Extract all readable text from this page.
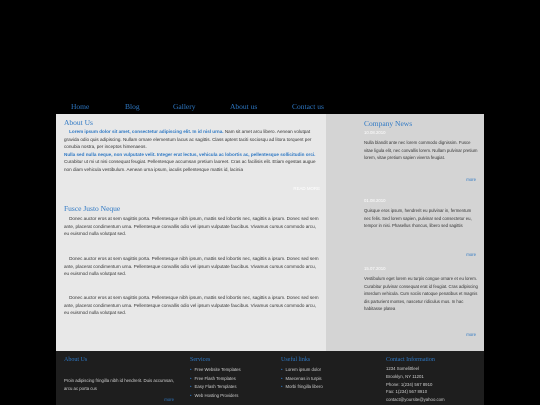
Home	Blog	Gallery	About us	Contact us
About Us
Lorem ipsum dolor sit amet, consectetur adipiscing elit. In id nisl urna. Nam sit amet arcu libero. Aenean volutpat gravida odio quis adipiscing. Nullam ornare elementum lacus ac sagittis. Class aptent taciti sociosqu ad litora torquent per conubia nostra, per inceptos himenaeos.
Nulla sed nulla neque, non vulputate velit. Integer erat lectus, vehicula ac lobortis ac, pellentesque sollicitudin orci. Curabitur ut mi ut nisi consequat feugiat. Pellentesque accumsan pretium laoreet. Cras ac facilisis elit. Etiam egestas augue non diam vehicula vestibulum. Aenean urna ipsum, iaculis pellentesque mattis id, lacinia
READ MORE
Fusce Justo Neque
Donec auctor eros at sem sagittis porta. Pellentesque nibh ipsum, mattis sed lobortis nec, sagittis a ipsum. Donec sed sem ante, placerat condimentum urna. Pellentesque convallis odio vel ipsum vulputate faucibus. Vivamus cursus commodo arcu, eu euismod nulla volutpat sed.
Donec auctor eros at sem sagittis porta. Pellentesque nibh ipsum, mattis sed lobortis nec, sagittis a ipsum. Donec sed sem ante, placerat condimentum urna. Pellentesque convallis odio vel ipsum vulputate faucibus. Vivamus cursus commodo arcu, eu euismod nulla volutpat sed.
Donec auctor eros at sem sagittis porta. Pellentesque nibh ipsum, mattis sed lobortis nec, sagittis a ipsum. Donec sed sem ante, placerat condimentum urna. Pellentesque convallis odio vel ipsum vulputate faucibus. Vivamus cursus commodo arcu, eu euismod nulla volutpat sed.
Company News
10.08.2010
Nulla blandit ante nec lorem commodo dignissim. Fusce vitae ligula elit, nec convallis lorem. Nullam pulvinar pretium lorem, vitae pretium sapien viverra feugiat.
more
01.08.2010
Quisque eros ipsum, hendrerit eu pulvinar in, fermentum nec felis. Sed lorem sapien, pulvinar sed consectetur eu, tempor in nisi. Phasellus rhoncus, libero sed sagittis
more
15.07.2010
Vestibulum eget lorem eu turpis congue ornare et eu lorem. Curabitur pulvinar consequat erat id feugiat. Cras adipiscing interdum vehicula. Cum sociis natoque penatibus et magnis dis parturient montes, nascetur ridiculus mus. In hac habitasse platea
more
About Us
Proin adipiscing fringilla nibh id hendrerit. Duis accumsan, arcu ac porta cus
more
Services
• Free Website Templates
• Free Flash Templates
• Easy Flash Templates
• Web Hosting Providers
Useful links
• Lorem ipsum dolor
• Maecenas in turpis
• Morbi fringilla libero
Contact Information
1234 Somelittleel
Brooklyn, NY 11201
Phone: 1(234) 567 8910
Fax: 1(234) 567 8910
contact@yoursite@yahoo.com
